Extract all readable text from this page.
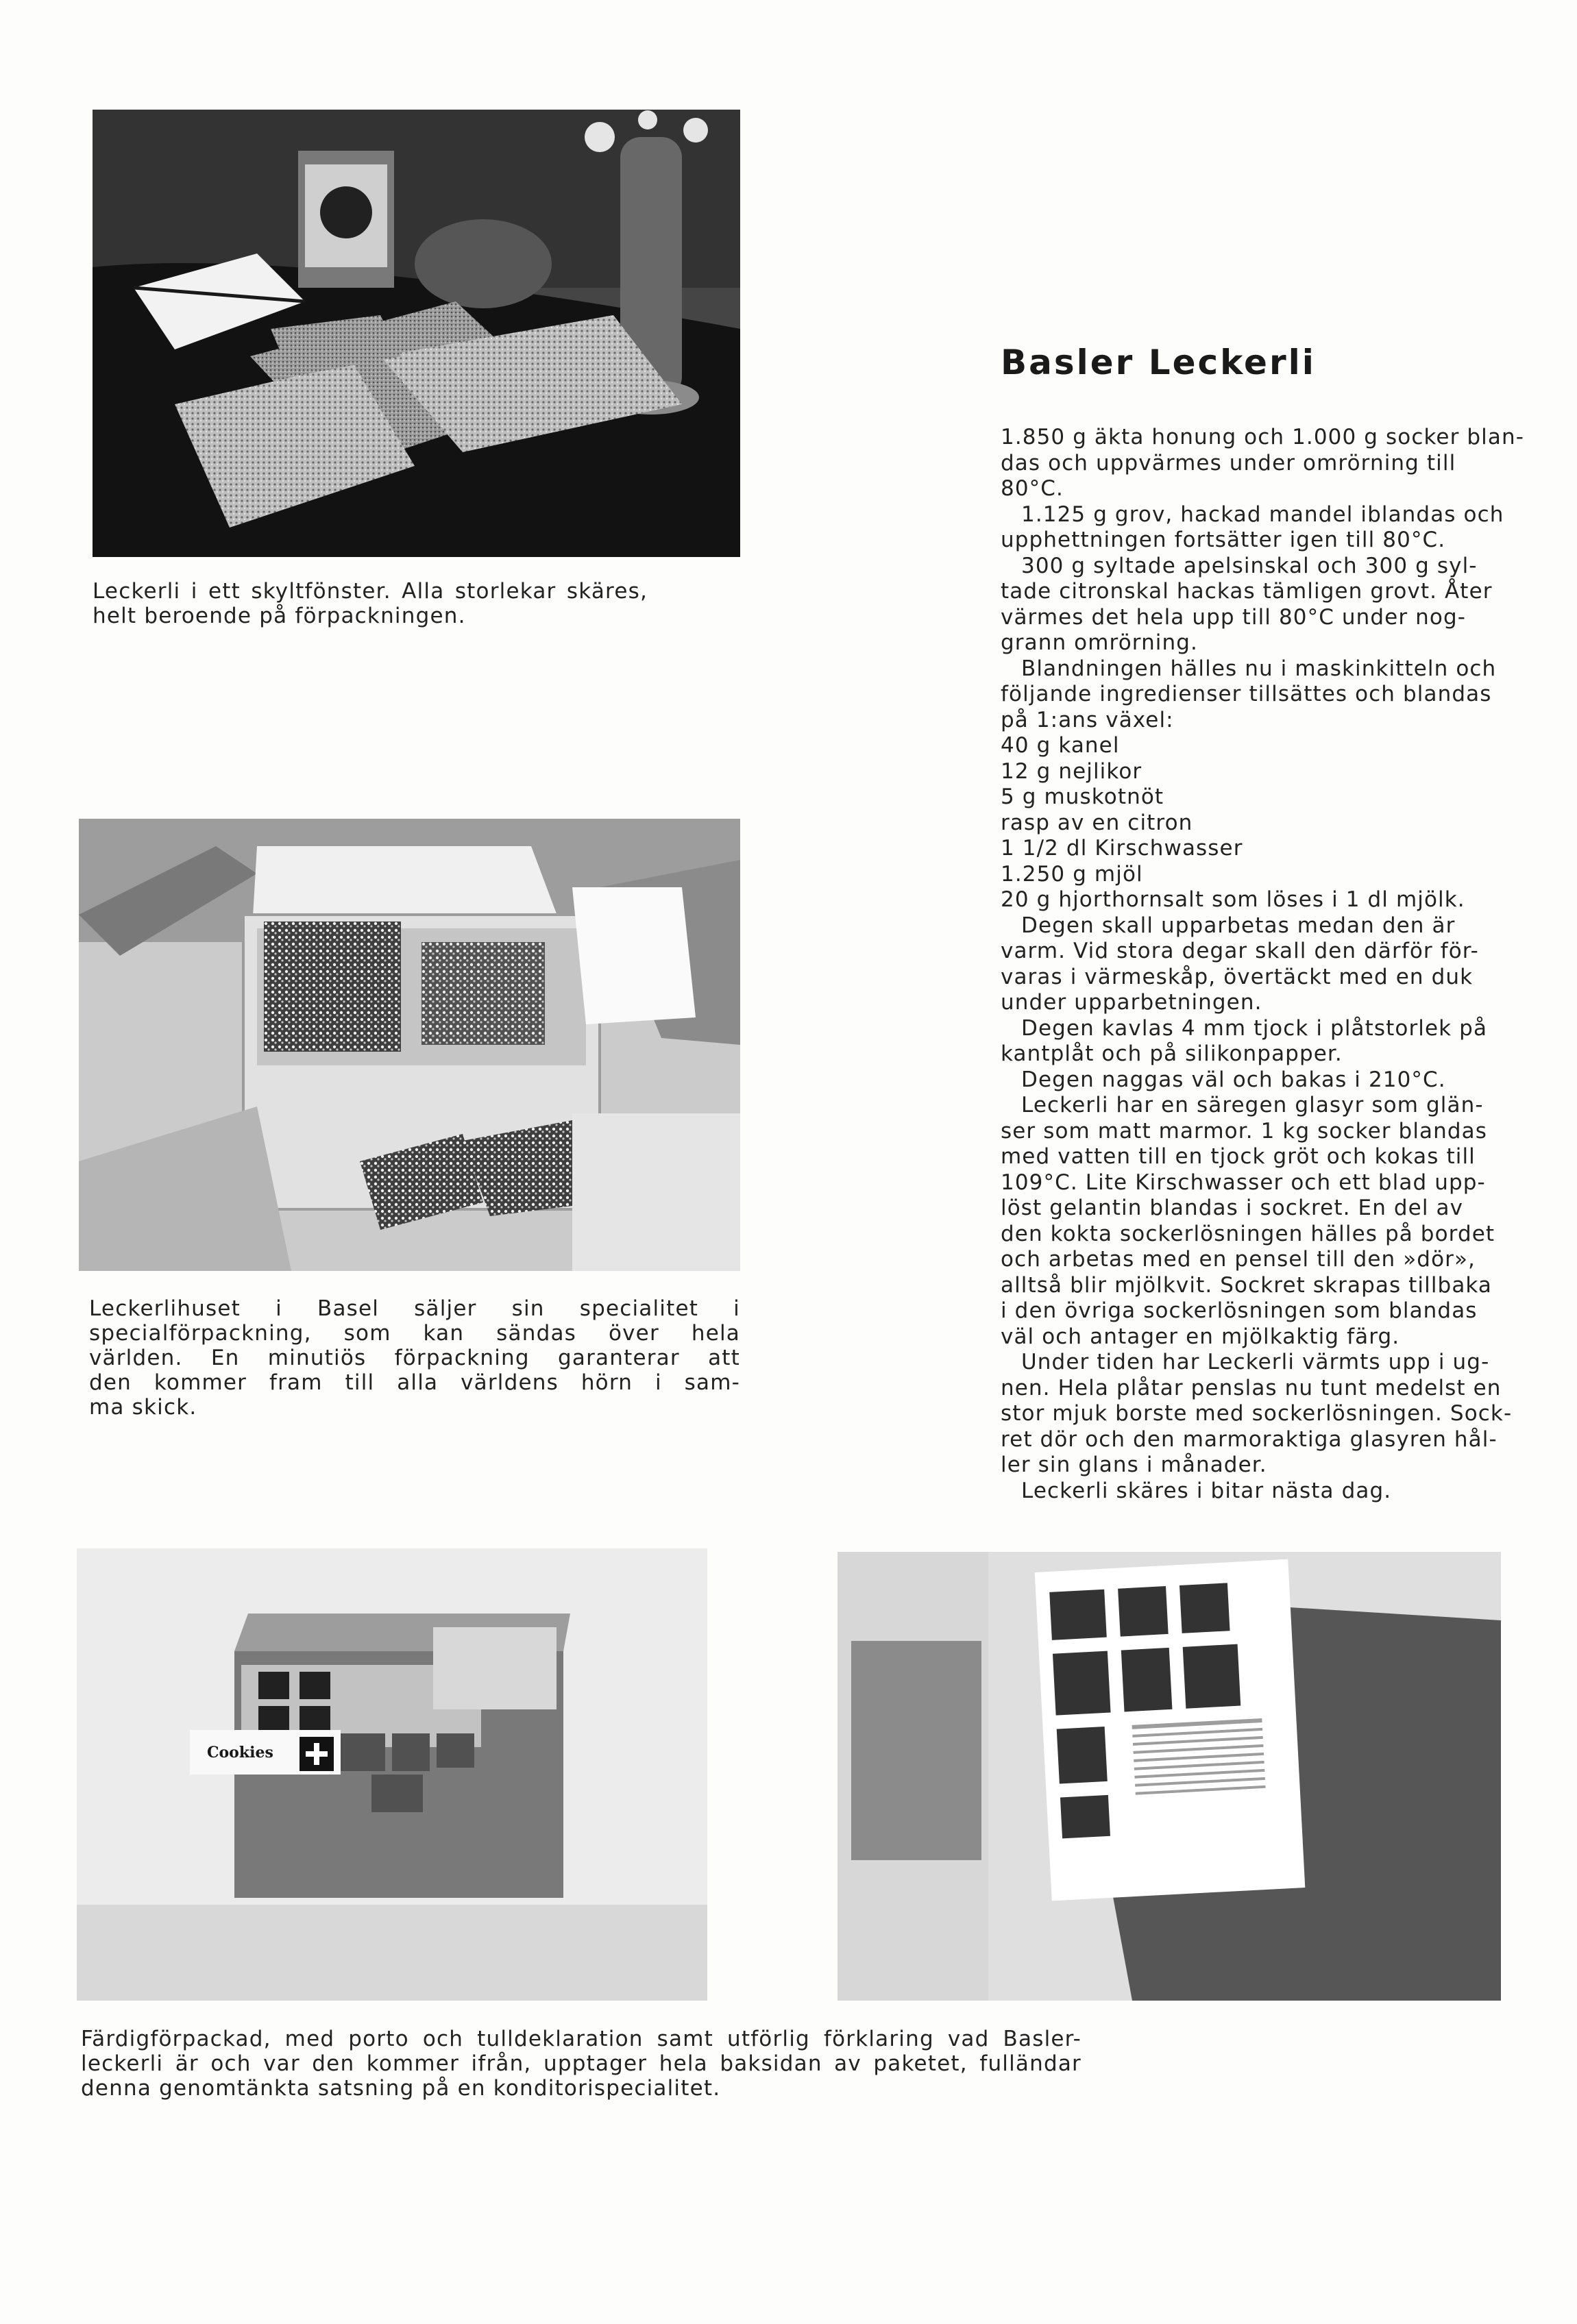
Leckerli i ett skyltfönster. Alla storlekar skäres,
helt beroende på förpackningen.
Basler Leckerli
1.850 g äkta honung och 1.000 g socker blan-
das och uppvärmes under omrörning till
80°C.
1.125 g grov, hackad mandel iblandas och
upphettningen fortsätter igen till 80°C.
300 g syltade apelsinskal och 300 g syl-
tade citronskal hackas tämligen grovt. Åter
värmes det hela upp till 80°C under nog-
grann omrörning.
Blandningen hälles nu i maskinkitteln och
följande ingredienser tillsättes och blandas
på 1:ans växel:
40 g kanel
12 g nejlikor
5 g muskotnöt
rasp av en citron
1 1/2 dl Kirschwasser
1.250 g mjöl
20 g hjorthornsalt som löses i 1 dl mjölk.
Degen skall upparbetas medan den är
varm. Vid stora degar skall den därför för-
varas i värmeskåp, övertäckt med en duk
under upparbetningen.
Degen kavlas 4 mm tjock i plåtstorlek på
kantplåt och på silikonpapper.
Degen naggas väl och bakas i 210°C.
Leckerli har en säregen glasyr som glän-
ser som matt marmor. 1 kg socker blandas
med vatten till en tjock gröt och kokas till
109°C. Lite Kirschwasser och ett blad upp-
löst gelantin blandas i sockret. En del av
den kokta sockerlösningen hälles på bordet
och arbetas med en pensel till den »dör»,
alltså blir mjölkvit. Sockret skrapas tillbaka
i den övriga sockerlösningen som blandas
väl och antager en mjölkaktig färg.
Under tiden har Leckerli värmts upp i ug-
nen. Hela plåtar penslas nu tunt medelst en
stor mjuk borste med sockerlösningen. Sock-
ret dör och den marmoraktiga glasyren hål-
ler sin glans i månader.
Leckerli skäres i bitar nästa dag.
Leckerlihuset i Basel säljer sin specialitet i
specialförpackning, som kan sändas över hela
världen. En minutiös förpackning garanterar att
den kommer fram till alla världens hörn i sam-
ma skick.
Cookies
Färdigförpackad, med porto och tulldeklaration samt utförlig förklaring vad Basler-
leckerli är och var den kommer ifrån, upptager hela baksidan av paketet, fulländar
denna genomtänkta satsning på en konditorispecialitet.
